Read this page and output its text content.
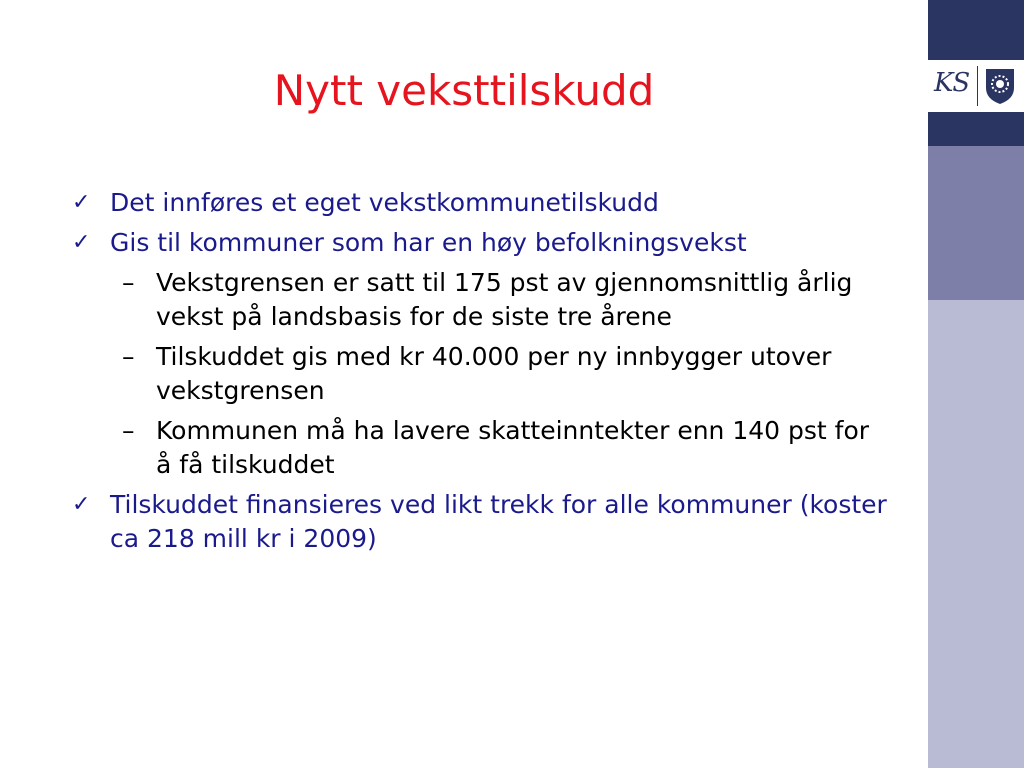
Nytt veksttilskudd
✓ Det innføres et eget vekstkommunetilskudd
✓ Gis til kommuner som har en høy befolkningsvekst
– Vekstgrensen er satt til 175 pst av gjennomsnittlig årlig vekst på landsbasis for de siste tre årene
– Tilskuddet gis med kr 40.000 per ny innbygger utover vekstgrensen
– Kommunen må ha lavere skatteinntekter enn 140 pst for å få tilskuddet
✓ Tilskuddet finansieres ved likt trekk for alle kommuner (koster ca 218 mill kr i 2009)
KS
